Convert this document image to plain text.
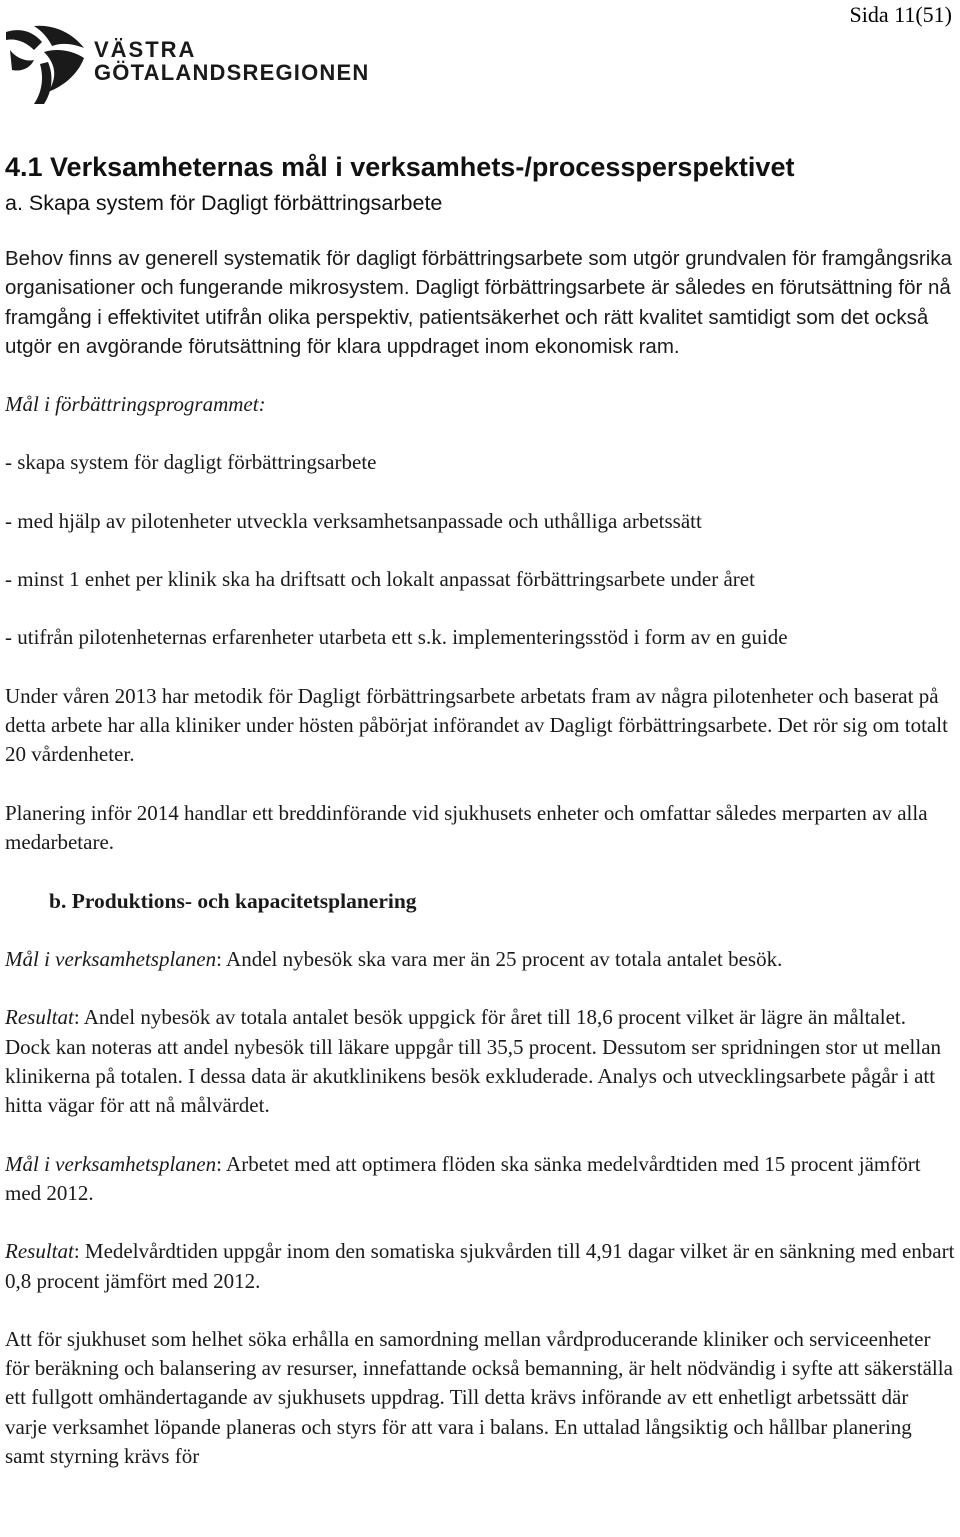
Sida 11(51)
VÄSTRA
GÖTALANDSREGIONEN
4.1 Verksamheternas mål i verksamhets-/processperspektivet
a. Skapa system för Dagligt förbättringsarbete

Behov finns av generell systematik för dagligt förbättringsarbete som utgör grundvalen för framgångsrika organisationer och fungerande mikrosystem. Dagligt förbättringsarbete är således en förutsättning för nå framgång i effektivitet utifrån olika perspektiv, patientsäkerhet och rätt kvalitet samtidigt som det också utgör en avgörande förutsättning för klara uppdraget inom ekonomisk ram.

Mål i förbättringsprogrammet:

- skapa system för dagligt förbättringsarbete

- med hjälp av pilotenheter utveckla verksamhetsanpassade och uthålliga arbetssätt

- minst 1 enhet per klinik ska ha driftsatt och lokalt anpassat förbättringsarbete under året

- utifrån pilotenheternas erfarenheter utarbeta ett s.k. implementeringsstöd i form av en guide

Under våren 2013 har metodik för Dagligt förbättringsarbete arbetats fram av några pilotenheter och baserat på detta arbete har alla kliniker under hösten påbörjat införandet av Dagligt förbättringsarbete. Det rör sig om totalt 20 vårdenheter.

Planering inför 2014 handlar ett breddinförande vid sjukhusets enheter och omfattar således merparten av alla medarbetare.

b. Produktions- och kapacitetsplanering

Mål i verksamhetsplanen: Andel nybesök ska vara mer än 25 procent av totala antalet besök.

Resultat: Andel nybesök av totala antalet besök uppgick för året till 18,6 procent vilket är lägre än måltalet. Dock kan noteras att andel nybesök till läkare uppgår till 35,5 procent. Dessutom ser spridningen stor ut mellan klinikerna på totalen. I dessa data är akutklinikens besök exkluderade. Analys och utvecklingsarbete pågår i att hitta vägar för att nå målvärdet.

Mål i verksamhetsplanen: Arbetet med att optimera flöden ska sänka medelvårdtiden med 15 procent jämfört med 2012.

Resultat: Medelvårdtiden uppgår inom den somatiska sjukvården till 4,91 dagar vilket är en sänkning med enbart 0,8 procent jämfört med 2012.

Att för sjukhuset som helhet söka erhålla en samordning mellan vårdproducerande kliniker och serviceenheter för beräkning och balansering av resurser, innefattande också bemanning, är helt nödvändig i syfte att säkerställa ett fullgott omhändertagande av sjukhusets uppdrag. Till detta krävs införande av ett enhetligt arbetssätt där varje verksamhet löpande planeras och styrs för att vara i balans. En uttalad långsiktig och hållbar planering samt styrning krävs för
